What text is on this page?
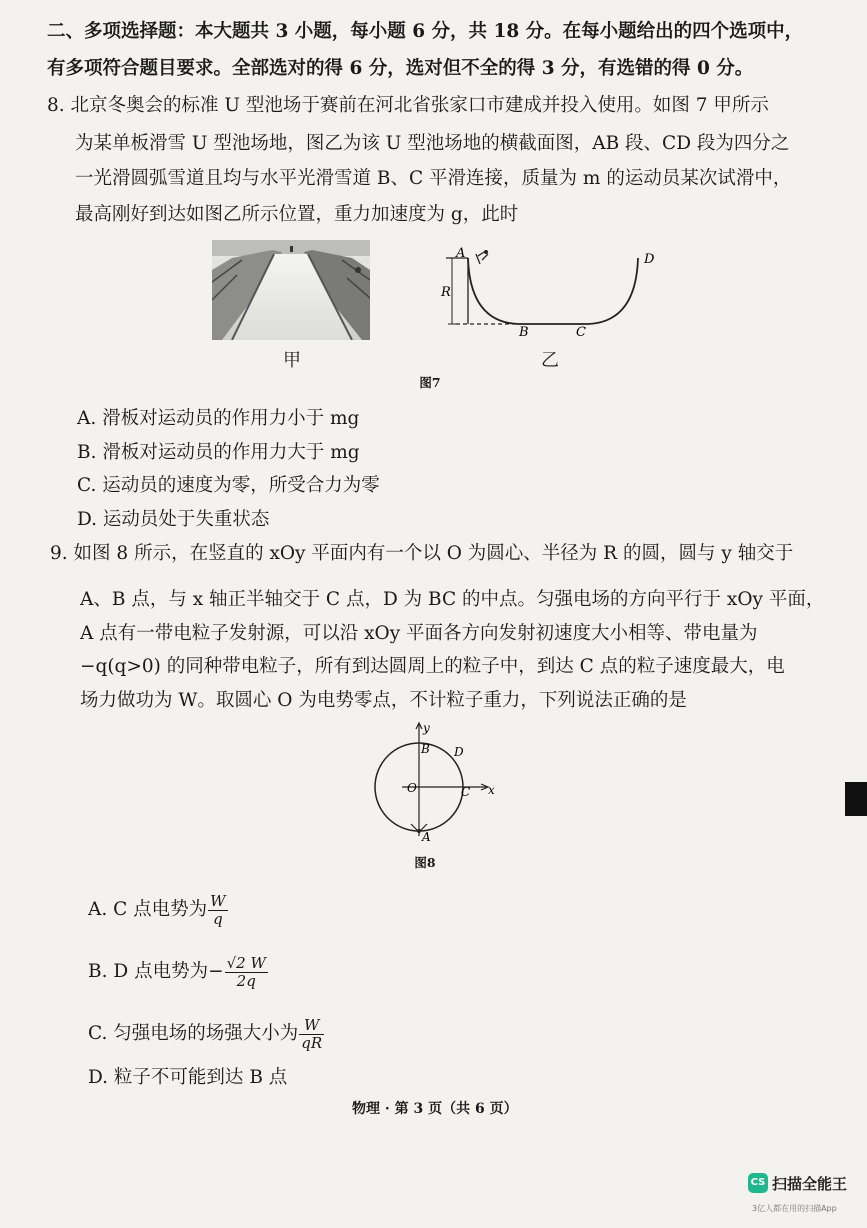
二、多项选择题：本大题共 3 小题，每小题 6 分，共 18 分。在每小题给出的四个选项中，
有多项符合题目要求。全部选对的得 6 分，选对但不全的得 3 分，有选错的得 0 分。
8. 北京冬奥会的标准 U 型池场于赛前在河北省张家口市建成并投入使用。如图 7 甲所示
为某单板滑雪 U 型池场地，图乙为该 U 型池场地的横截面图，AB 段、CD 段为四分之
一光滑圆弧雪道且均与水平光滑雪道 B、C 平滑连接，质量为 m 的运动员某次试滑中，
最高刚好到达如图乙所示位置，重力加速度为 g，此时
甲
A
R
B	C
D
乙
图7
A. 滑板对运动员的作用力小于 mg
B. 滑板对运动员的作用力大于 mg
C. 运动员的速度为零，所受合力为零
D. 运动员处于失重状态
9. 如图 8 所示，在竖直的 xOy 平面内有一个以 O 为圆心、半径为 R 的圆，圆与 y 轴交于
A、B 点，与 x 轴正半轴交于 C 点，D 为 BC 的中点。匀强电场的方向平行于 xOy 平面，
A 点有一带电粒子发射源，可以沿 xOy 平面各方向发射初速度大小相等、带电量为
−q(q>0) 的同种带电粒子，所有到达圆周上的粒子中，到达 C 点的粒子速度最大，电
场力做功为 W。取圆心 O 为电势零点，不计粒子重力，下列说法正确的是
y
x
O
B D
C
A
图8
A. C 点电势为 $\frac{W}{q}$
B. D 点电势为− $\frac{√2 W}{2q}$
C. 匀强电场的场强大小为 $\frac{W}{qR}$
D. 粒子不可能到达 B 点
物理 · 第 3 页（共 6 页）
CS 扫描全能王
3亿人都在用的扫描App
